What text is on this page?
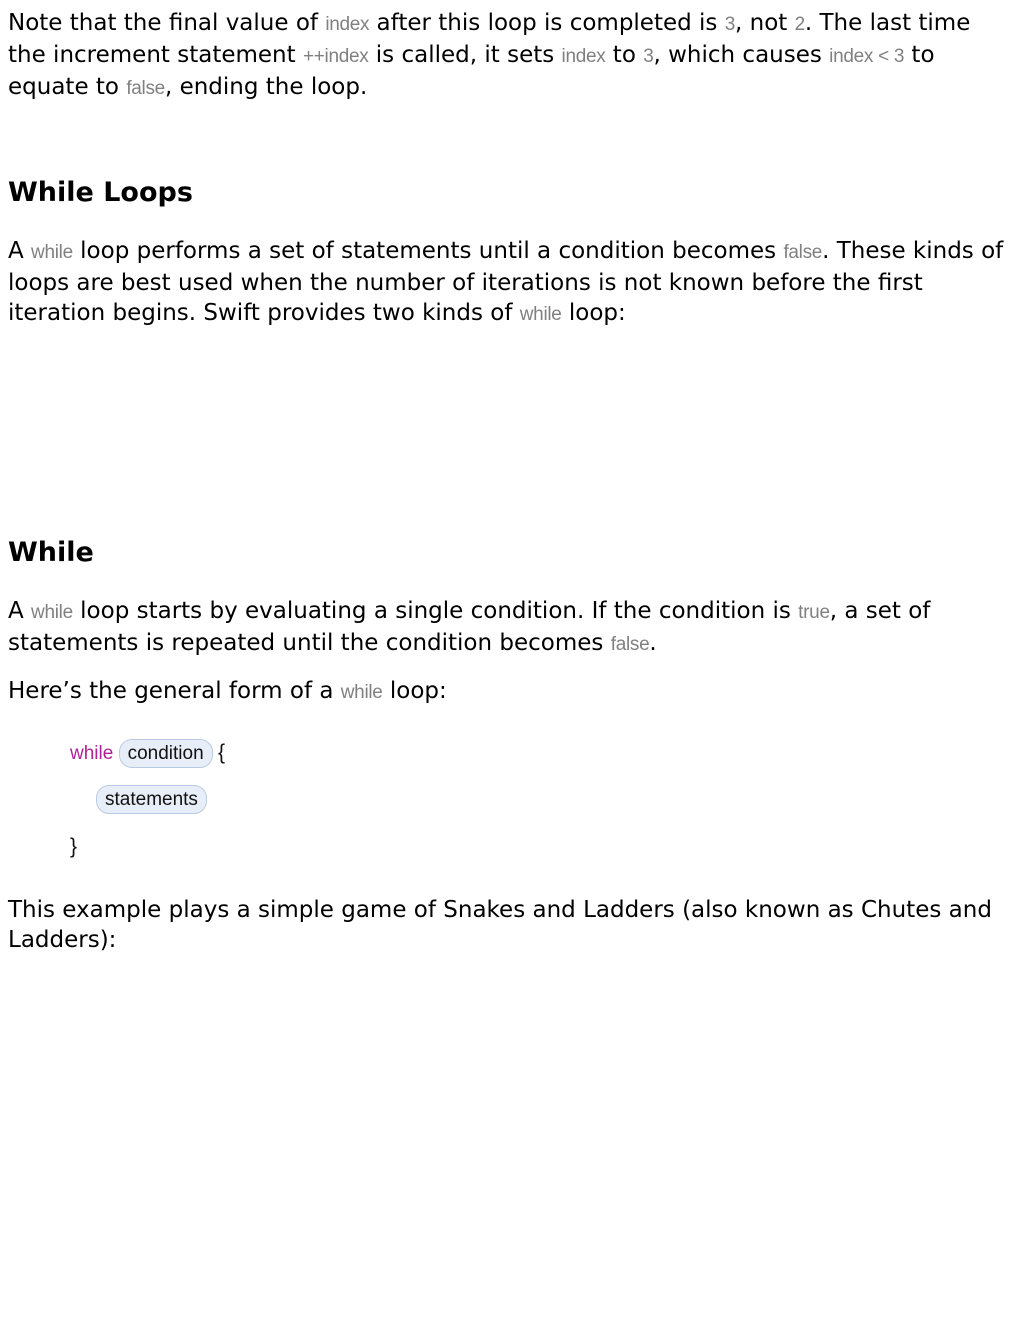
Note that the final value of index after this loop is completed is 3, not 2. The last time the increment statement ++index is called, it sets index to 3, which causes index < 3 to equate to false, ending the loop.

While Loops

A while loop performs a set of statements until a condition becomes false. These kinds of loops are best used when the number of iterations is not known before the first iteration begins. Swift provides two kinds of while loop:

While

A while loop starts by evaluating a single condition. If the condition is true, a set of statements is repeated until the condition becomes false.

Here’s the general form of a while loop:

while condition {
statements
}

This example plays a simple game of Snakes and Ladders (also known as Chutes and Ladders):
